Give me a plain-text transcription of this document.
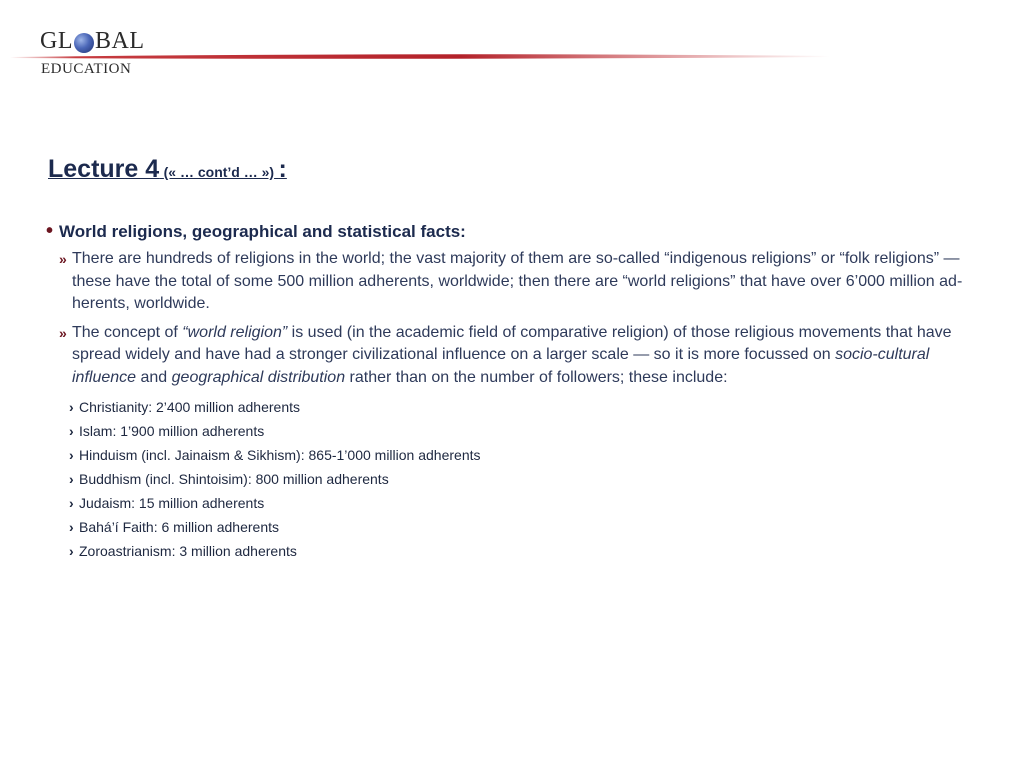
GL BAL
EDUCATION
Lecture 4 (« … cont’d … ») :
• World religions, geographical and statistical facts:
» There are hundreds of religions in the world; the vast majority of them are so-called “indigenous religions” or “folk religions” — these have the total of some 500 million adherents, worldwide; then there are “world religions” that have over 6’000 million ad-herents, worldwide.
» The concept of “world religion” is used (in the academic field of comparative religion) of those religious movements that have spread widely and have had a stronger civilizational influence on a larger scale — so it is more focussed on socio-cultural influence and geographical distribution rather than on the number of followers; these include:
› Christianity: 2’400 million adherents
› Islam: 1’900 million adherents
› Hinduism (incl. Jainaism & Sikhism): 865-1’000 million adherents
› Buddhism (incl. Shintoisim): 800 million adherents
› Judaism: 15 million adherents
› Bahá’í Faith: 6 million adherents
› Zoroastrianism: 3 million adherents
